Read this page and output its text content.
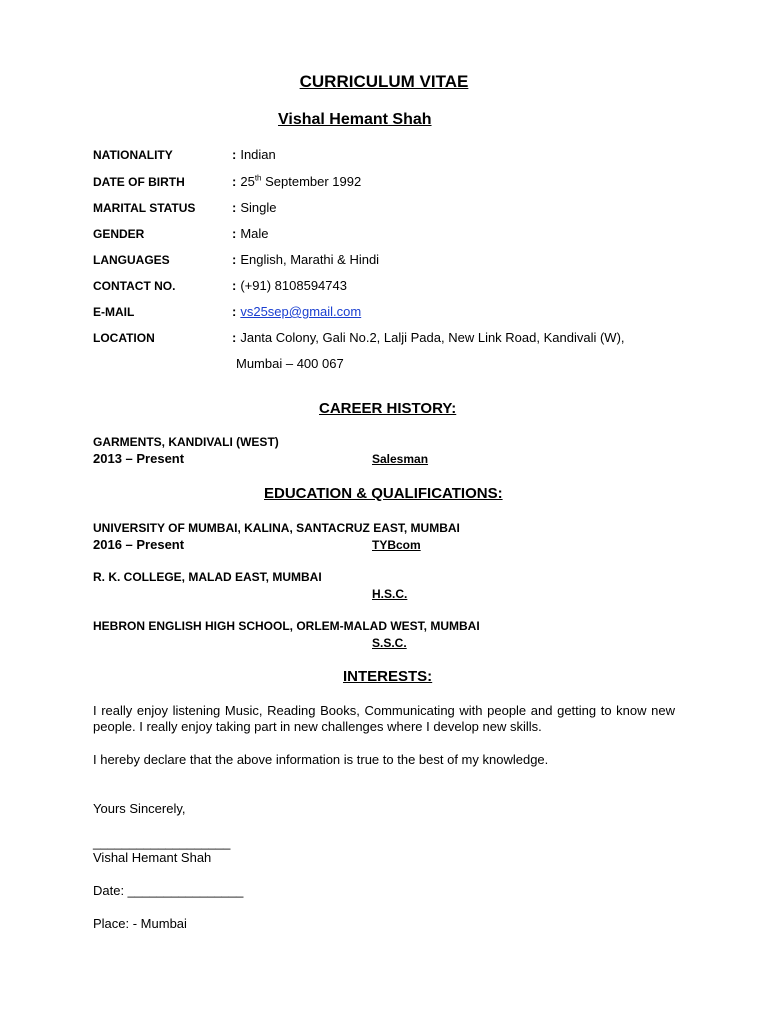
CURRICULUM VITAE
Vishal Hemant Shah
NATIONALITY	: Indian
DATE OF BIRTH	: 25th September 1992
MARITAL STATUS	: Single
GENDER	: Male
LANGUAGES	: English, Marathi & Hindi
CONTACT NO.	: (+91) 8108594743
E-MAIL	: vs25sep@gmail.com
LOCATION	: Janta Colony, Gali No.2, Lalji Pada, New Link Road, Kandivali (W),
Mumbai – 400 067
CAREER HISTORY:
GARMENTS, KANDIVALI (WEST)
2013 – Present	Salesman
EDUCATION & QUALIFICATIONS:
UNIVERSITY OF MUMBAI, KALINA, SANTACRUZ EAST, MUMBAI
2016 – Present	TYBcom
R. K. COLLEGE, MALAD EAST, MUMBAI
H.S.C.
HEBRON ENGLISH HIGH SCHOOL, ORLEM-MALAD WEST, MUMBAI
S.S.C.
INTERESTS:
I really enjoy listening Music, Reading Books, Communicating with people and getting to know new people. I really enjoy taking part in new challenges where I develop new skills.
I hereby declare that the above information is true to the best of my knowledge.
Yours Sincerely,
___________________
Vishal Hemant Shah
Date: ________________
Place: - Mumbai
